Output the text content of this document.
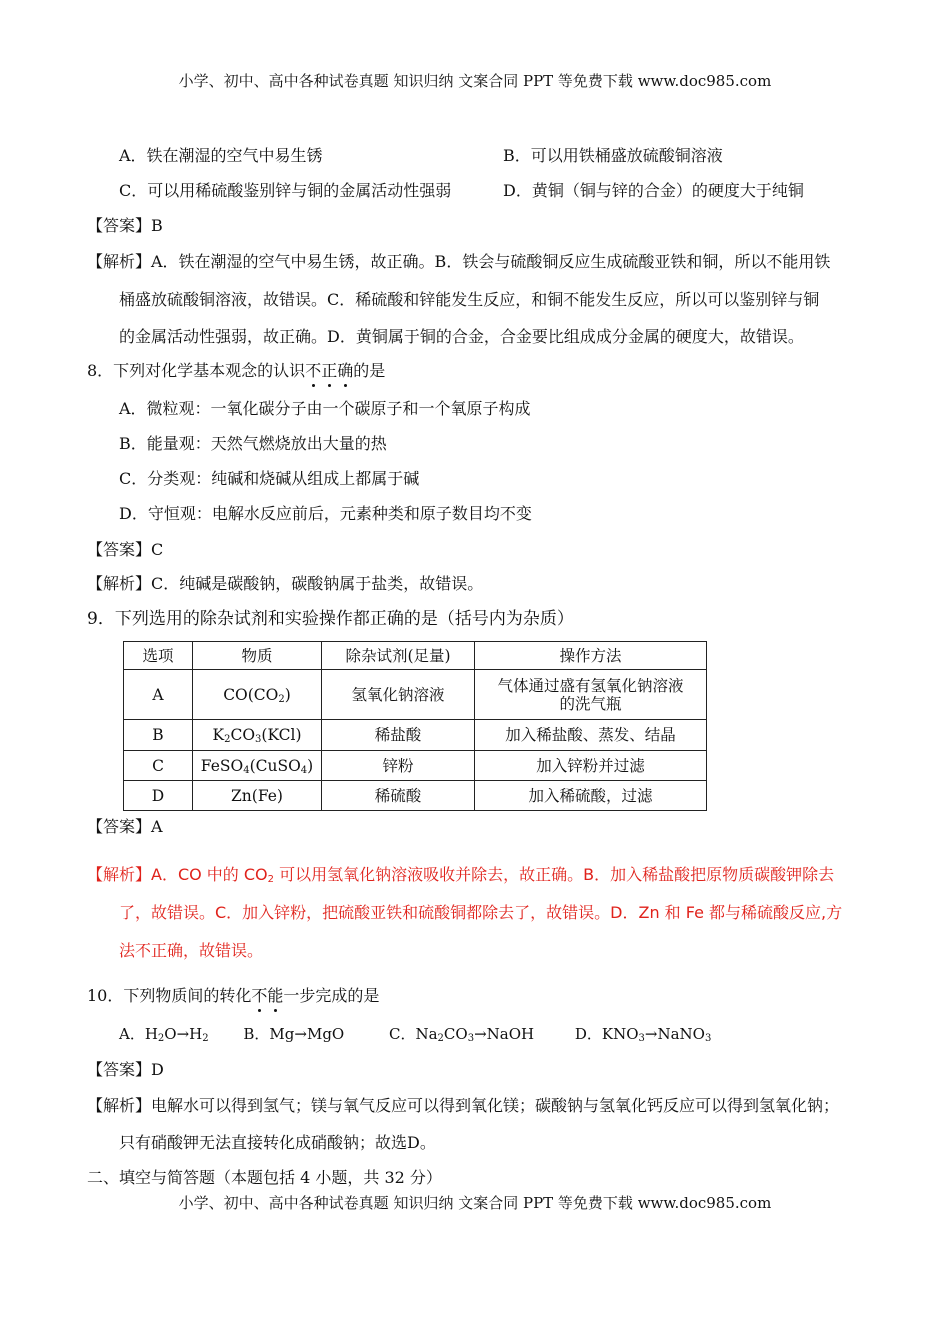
小学、初中、高中各种试卷真题 知识归纳 文案合同 PPT 等免费下载 www.doc985.com
A．铁在潮湿的空气中易生锈	B．可以用铁桶盛放硫酸铜溶液
C．可以用稀硫酸鉴别锌与铜的金属活动性强弱	D．黄铜（铜与锌的合金）的硬度大于纯铜
【答案】B
【解析】A．铁在潮湿的空气中易生锈，故正确。B．铁会与硫酸铜反应生成硫酸亚铁和铜，所以不能用铁
桶盛放硫酸铜溶液，故错误。C．稀硫酸和锌能发生反应，和铜不能发生反应，所以可以鉴别锌与铜
的金属活动性强弱，故正确。D．黄铜属于铜的合金，合金要比组成成分金属的硬度大，故错误。
8．下列对化学基本观念的认识不正确的是
A．微粒观：一氧化碳分子由一个碳原子和一个氧原子构成
B．能量观：天然气燃烧放出大量的热
C．分类观：纯碱和烧碱从组成上都属于碱
D．守恒观：电解水反应前后，元素种类和原子数目均不变
【答案】C
【解析】C．纯碱是碳酸钠，碳酸钠属于盐类，故错误。
9．下列选用的除杂试剂和实验操作都正确的是（括号内为杂质）
选项	物质	除杂试剂(足量)	操作方法
A	$CO(CO_2)$	氢氧化钠溶液	气体通过盛有氢氧化钠溶液
的洗气瓶

B	$K_2CO_3(KCl)$	稀盐酸	加入稀盐酸、蒸发、结晶
C	FeSO$_4$(CuSO$_4$)	锌粉	加入锌粉并过滤
D	Zn(Fe)	稀硫酸	加入稀硫酸，过滤
【答案】A
【解析】A．CO 中的 $CO_2$ 可以用氢氧化钠溶液吸收并除去，故正确。B．加入稀盐酸把原物质碳酸钾除去
了，故错误。C．加入锌粉，把硫酸亚铁和硫酸铜都除去了，故错误。D．Zn 和 Fe 都与稀硫酸反应,方
法不正确，故错误。
10．下列物质间的转化不能一步完成的是
A．$H_2O\to H_2$ B．Mg→MgO	C．$Na_2CO_3\to NaOH$	D．$KNO_3\to NaNO_3$
【答案】D
【解析】电解水可以得到氢气；镁与氧气反应可以得到氧化镁；碳酸钠与氢氧化钙反应可以得到氢氧化钠；
只有硝酸钾无法直接转化成硝酸钠；故选D。
二、填空与简答题（本题包括 4 小题，共 32 分）
小学、初中、高中各种试卷真题 知识归纳 文案合同 PPT 等免费下载 www.doc985.com
